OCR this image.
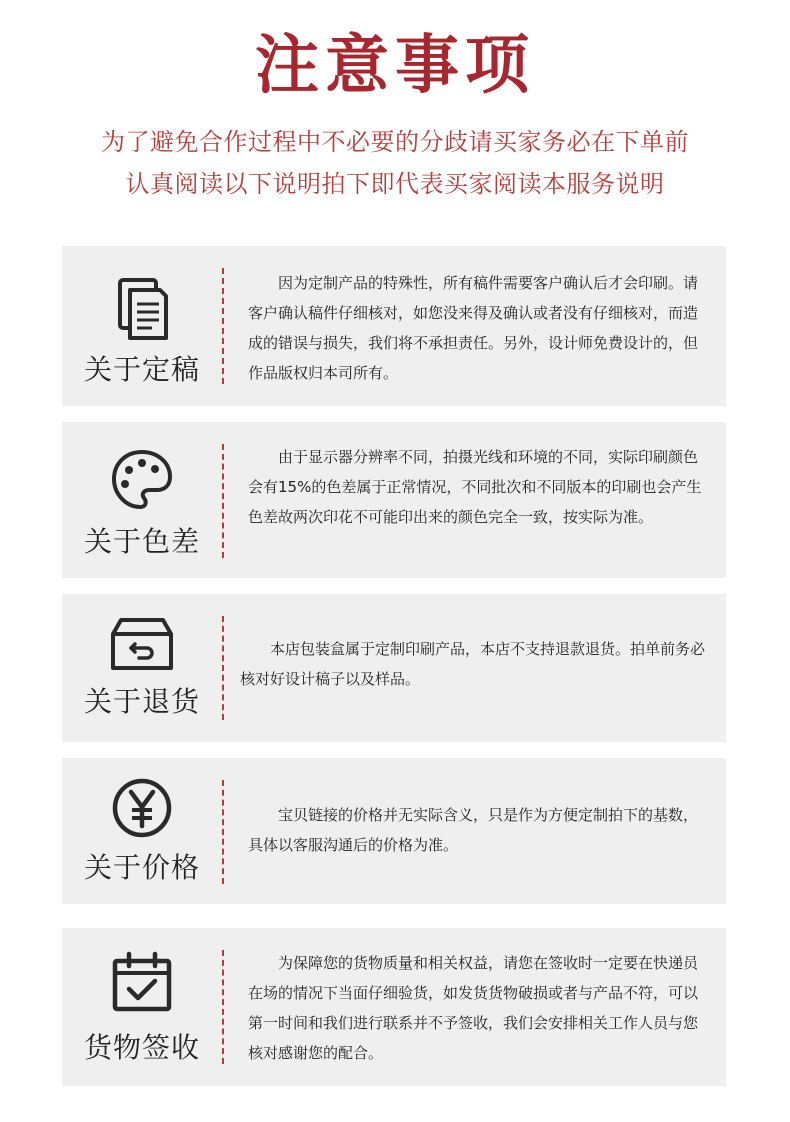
注意事项
为了避免合作过程中不必要的分歧请买家务必在下单前
认真阅读以下说明拍下即代表买家阅读本服务说明
关于定稿
因为定制产品的特殊性，所有稿件需要客户确认后才会印刷。请客户确认稿件仔细核对，如您没来得及确认或者没有仔细核对，而造成的错误与损失，我们将不承担责任。另外，设计师免费设计的，但作品版权归本司所有。
关于色差
由于显示器分辨率不同，拍摄光线和环境的不同，实际印刷颜色会有15%的色差属于正常情况，不同批次和不同版本的印刷也会产生色差故两次印花不可能印出来的颜色完全一致，按实际为准。
关于退货
本店包装盒属于定制印刷产品，本店不支持退款退货。拍单前务必核对好设计稿子以及样品。
关于价格
宝贝链接的价格并无实际含义，只是作为方便定制拍下的基数，具体以客服沟通后的价格为准。
货物签收
为保障您的货物质量和相关权益，请您在签收时一定要在快递员在场的情况下当面仔细验货，如发货货物破损或者与产品不符，可以第一时间和我们进行联系并不予签收，我们会安排相关工作人员与您核对感谢您的配合。
